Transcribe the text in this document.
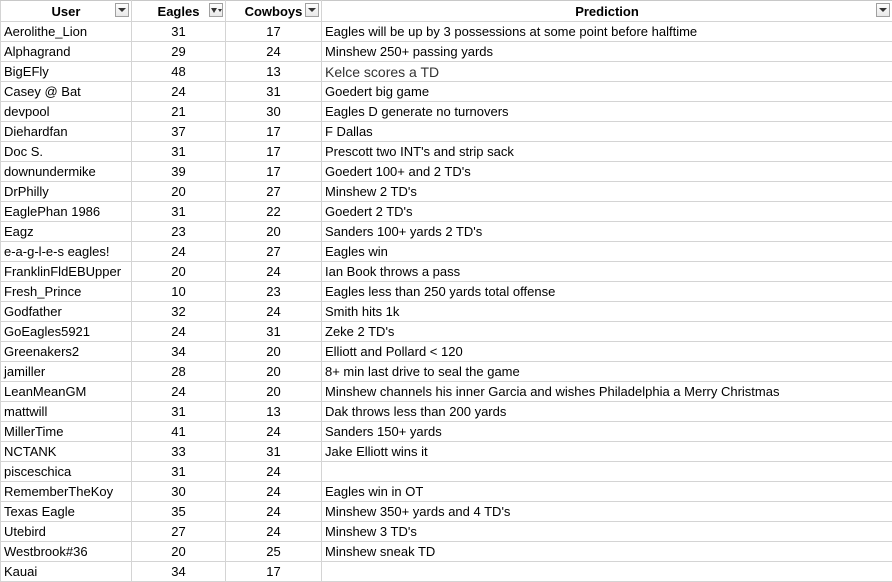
User	Eagles	Cowboys	Prediction

Aerolithe_Lion	31	17	Eagles will be up by 3 possessions at some point before halftime
Alphagrand	29	24	Minshew 250+ passing yards
BigEFly	48	13	Kelce scores a TD
Casey @ Bat	24	31	Goedert big game
devpool	21	30	Eagles D generate no turnovers
Diehardfan	37	17	F Dallas
Doc S.	31	17	Prescott two INT's and strip sack
downundermike	39	17	Goedert 100+ and 2 TD's
DrPhilly	20	27	Minshew 2 TD's
EaglePhan 1986	31	22	Goedert 2 TD's
Eagz	23	20	Sanders 100+ yards 2 TD's
e-a-g-l-e-s eagles!	24	27	Eagles win
FranklinFldEBUpper	20	24	Ian Book throws a pass
Fresh_Prince	10	23	Eagles less than 250 yards total offense
Godfather	32	24	Smith hits 1k
GoEagles5921	24	31	Zeke 2 TD's
Greenakers2	34	20	Elliott and Pollard < 120
jamiller	28	20	8+ min last drive to seal the game
LeanMeanGM	24	20	Minshew channels his inner Garcia and wishes Philadelphia a Merry Christmas
mattwill	31	13	Dak throws less than 200 yards
MillerTime	41	24	Sanders 150+ yards
NCTANK	33	31	Jake Elliott wins it
piscesсhica	31	24	
RememberTheKoy	30	24	Eagles win in OT
Texas Eagle	35	24	Minshew 350+ yards and 4 TD's
Utebird	27	24	Minshew 3 TD's
Westbrook#36	20	25	Minshew sneak TD
Kauai	34	17	
